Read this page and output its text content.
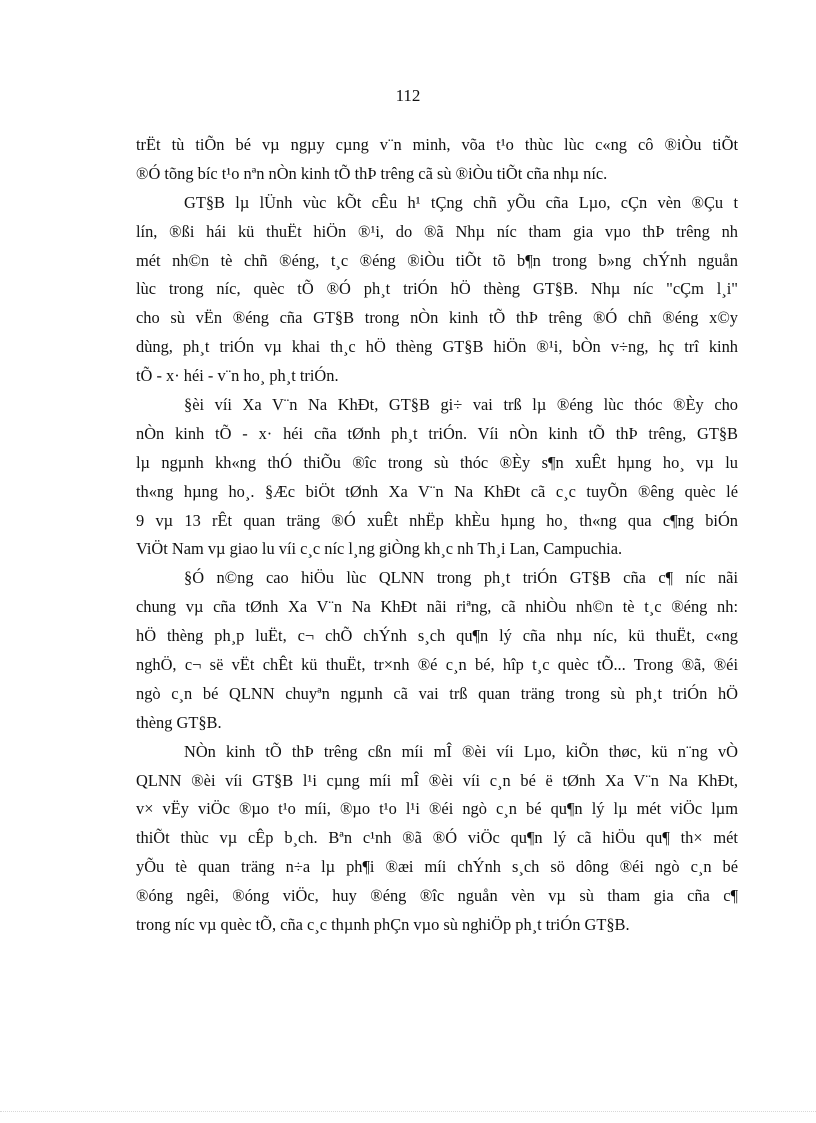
112
trËt tù tiÕn bé vµ ngµy cµng v¨n minh, võa t¹o thùc lùc c«ng cô ®iÒu tiÕt
®Ó tõng bíc t¹o nªn nÒn kinh tÕ thÞ trêng cã sù ®iÒu tiÕt cña nhµ níc.
GT§B lµ lÜnh vùc kÕt cÊu h¹ tÇng chñ yÕu cña Lµo, cÇn vèn ®Çu t
lín, ®ßi hái kü thuËt hiÖn ®¹i, do ®ã Nhµ níc tham gia vµo thÞ trêng nh
mét nh©n tè chñ ®éng, t¸c ®éng ®iÒu tiÕt tõ b¶n trong b»ng chÝnh nguån
lùc trong níc, quèc tÕ ®Ó ph¸t triÓn hÖ thèng GT§B. Nhµ níc "cÇm l¸i"
cho sù vËn ®éng cña GT§B trong nÒn kinh tÕ thÞ trêng ®Ó chñ ®éng x©y
dùng, ph¸t triÓn vµ khai th¸c hÖ thèng GT§B hiÖn ®¹i, bÒn v÷ng, hç trî kinh
tÕ - x· héi - v¨n ho¸ ph¸t triÓn.
§èi víi Xa V¨n Na KhÐt, GT§B gi÷ vai trß lµ ®éng lùc thóc ®Èy cho
nÒn kinh tÕ - x· héi cña tØnh ph¸t triÓn. Víi nÒn kinh tÕ thÞ trêng, GT§B
lµ ngµnh kh«ng thÓ thiÕu ®îc trong sù thóc ®Èy s¶n xuÊt hµng ho¸ vµ lu
th«ng hµng ho¸. §Æc biÖt tØnh Xa V¨n Na KhÐt cã c¸c tuyÕn ®êng quèc lé
9 vµ 13 rÊt quan träng ®Ó xuÊt nhËp khÈu hµng ho¸ th«ng qua c¶ng biÓn
ViÖt Nam vµ giao lu víi c¸c níc l¸ng giÒng kh¸c nh Th¸i Lan, Campuchia.
§Ó n©ng cao hiÖu lùc QLNN trong ph¸t triÓn GT§B cña c¶ níc nãi
chung vµ cña tØnh Xa V¨n Na KhÐt nãi riªng, cã nhiÒu nh©n tè t¸c ®éng nh:
hÖ thèng ph¸p luËt, c¬ chÕ chÝnh s¸ch qu¶n lý cña nhµ níc, kü thuËt, c«ng
nghÖ, c¬ së vËt chÊt kü thuËt, tr×nh ®é c¸n bé, hîp t¸c quèc tÕ... Trong ®ã, ®éi
ngò c¸n bé QLNN chuyªn ngµnh cã vai trß quan träng trong sù ph¸t triÓn hÖ
thèng GT§B.
NÒn kinh tÕ thÞ trêng cßn míi mÎ ®èi víi Lµo, kiÕn thøc, kü n¨ng vÒ
QLNN ®èi víi GT§B l¹i cµng míi mÎ ®èi víi c¸n bé ë tØnh Xa V¨n Na KhÐt,
v× vËy viÖc ®µo t¹o míi, ®µo t¹o l¹i ®éi ngò c¸n bé qu¶n lý lµ mét viÖc lµm
thiÕt thùc vµ cÊp b¸ch. Bªn c¹nh ®ã ®Ó viÖc qu¶n lý cã hiÖu qu¶ th× mét
yÕu tè quan träng n÷a lµ ph¶i ®æi míi chÝnh s¸ch sö dông ®éi ngò c¸n bé
®óng ngêi, ®óng viÖc, huy ®éng ®îc nguån vèn vµ sù tham gia cña c¶
trong níc vµ quèc tÕ, cña c¸c thµnh phÇn vµo sù nghiÖp ph¸t triÓn GT§B.
